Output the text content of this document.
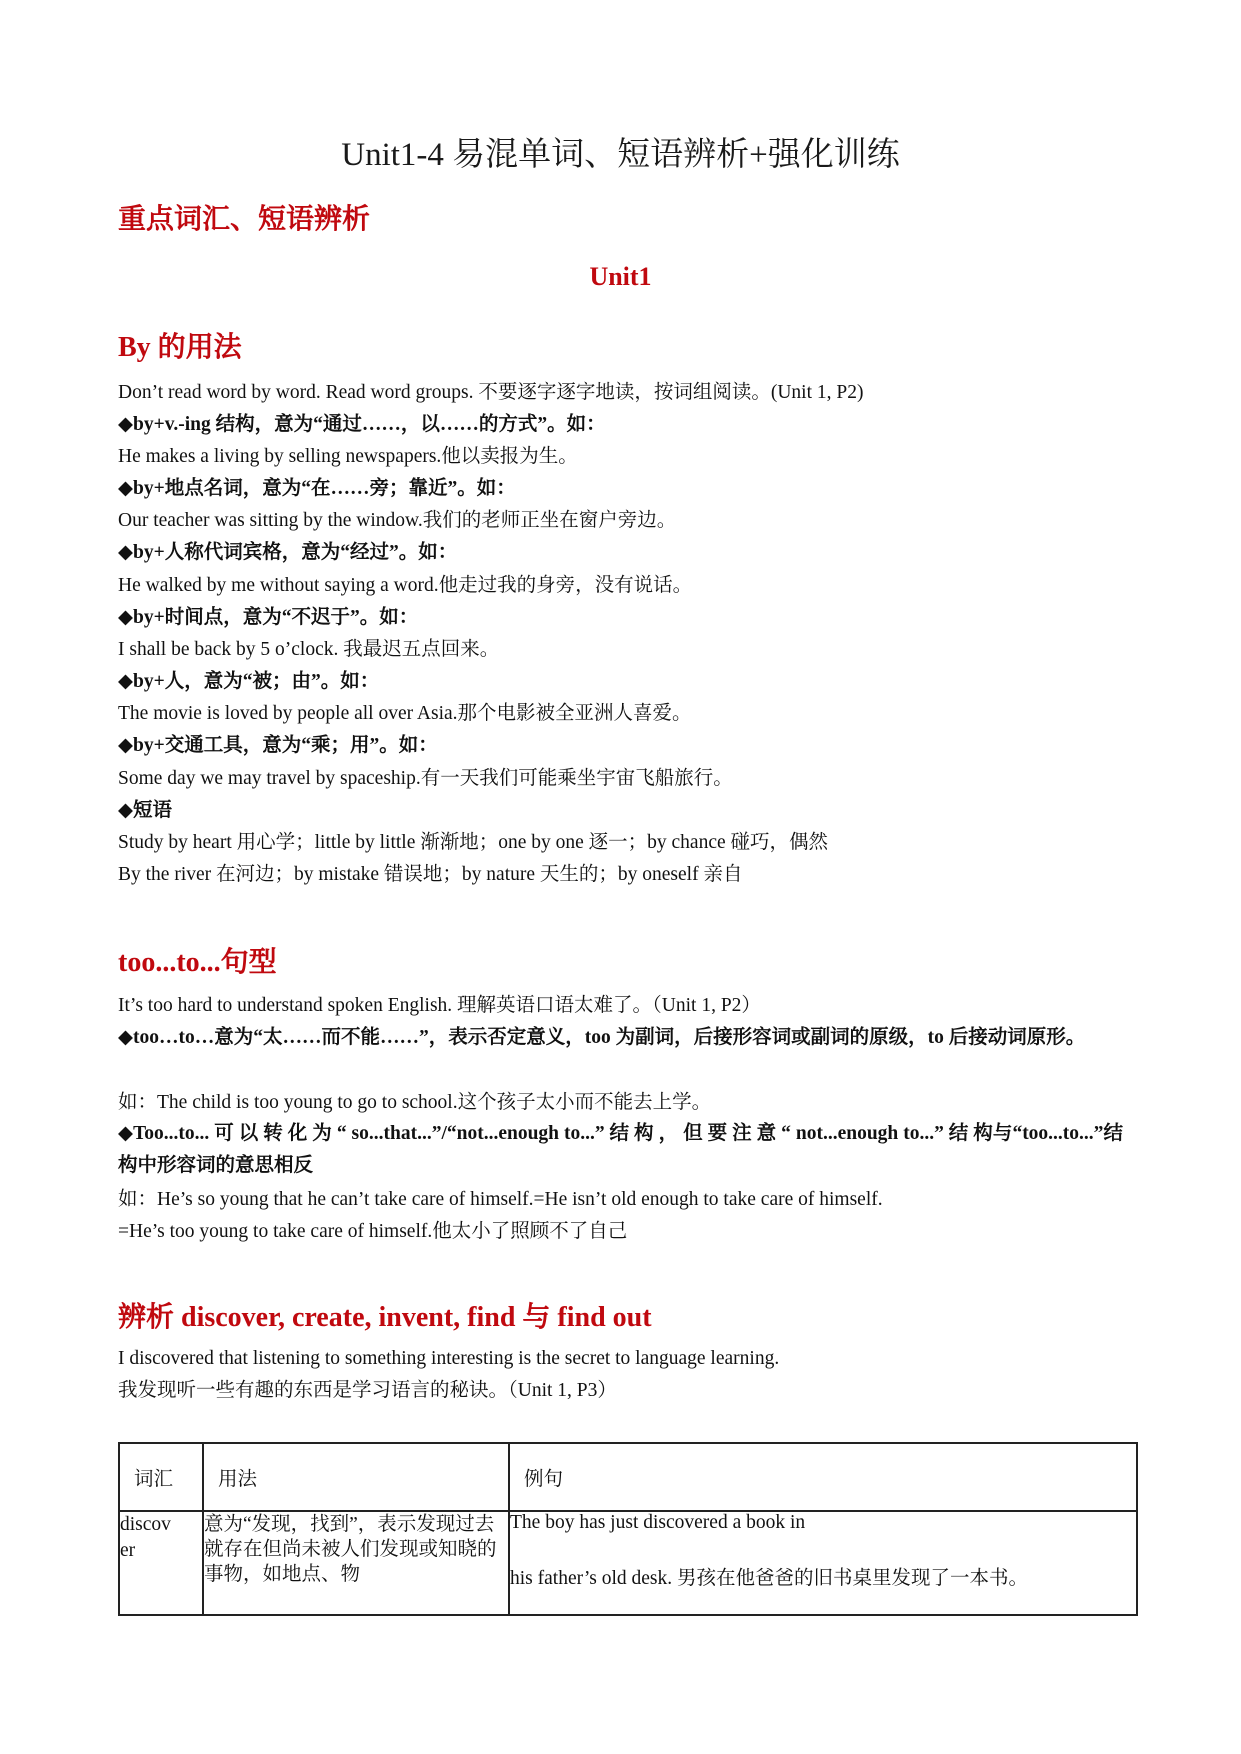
Unit1-4 易混单词、短语辨析+强化训练
重点词汇、短语辨析
Unit1
By 的用法
Don’t read word by word. Read word groups. 不要逐字逐字地读，按词组阅读。(Unit 1, P2)
◆by+v.-ing 结构，意为“通过……，以……的方式”。如：
He makes a living by selling newspapers.他以卖报为生。
◆by+地点名词，意为“在……旁；靠近”。如：
Our teacher was sitting by the window.我们的老师正坐在窗户旁边。
◆by+人称代词宾格，意为“经过”。如：
He walked by me without saying a word.他走过我的身旁，没有说话。
◆by+时间点，意为“不迟于”。如：
I shall be back by 5 o’clock. 我最迟五点回来。
◆by+人，意为“被；由”。如：
The movie is loved by people all over Asia.那个电影被全亚洲人喜爱。
◆by+交通工具，意为“乘；用”。如：
Some day we may travel by spaceship.有一天我们可能乘坐宇宙飞船旅行。
◆短语
Study by heart 用心学；little by little 渐渐地；one by one 逐一；by chance 碰巧，偶然
By the river 在河边；by mistake 错误地；by nature 天生的；by oneself 亲自
too...to...句型
It’s too hard to understand spoken English. 理解英语口语太难了。（Unit 1, P2）
◆too…to…意为“太……而不能……”，表示否定意义，too 为副词，后接形容词或副词的原级，to 后接动词原形。
如：The child is too young to go to school.这个孩子太小而不能去上学。
◆Too...to... 可 以 转 化 为 “ so...that...”/“not...enough to...” 结 构 ， 但 要 注 意 “ not...enough to...” 结 构与“too...to...”结构中形容词的意思相反
如：He’s so young that he can’t take care of himself.=He isn’t old enough to take care of himself.
=He’s too young to take care of himself.他太小了照顾不了自己
辨析 discover, create, invent, find 与 find out
I discovered that listening to something interesting is the secret to language learning.
我发现听一些有趣的东西是学习语言的秘诀。（Unit 1, P3）
词汇	用法	例句

discov er	意为“发现，找到”，表示发现过去就存在但尚未被人们发现或知晓的事物，如地点、物	The boy has just discovered a book in
his father’s old desk. 男孩在他爸爸的旧书桌里发现了一本书。
